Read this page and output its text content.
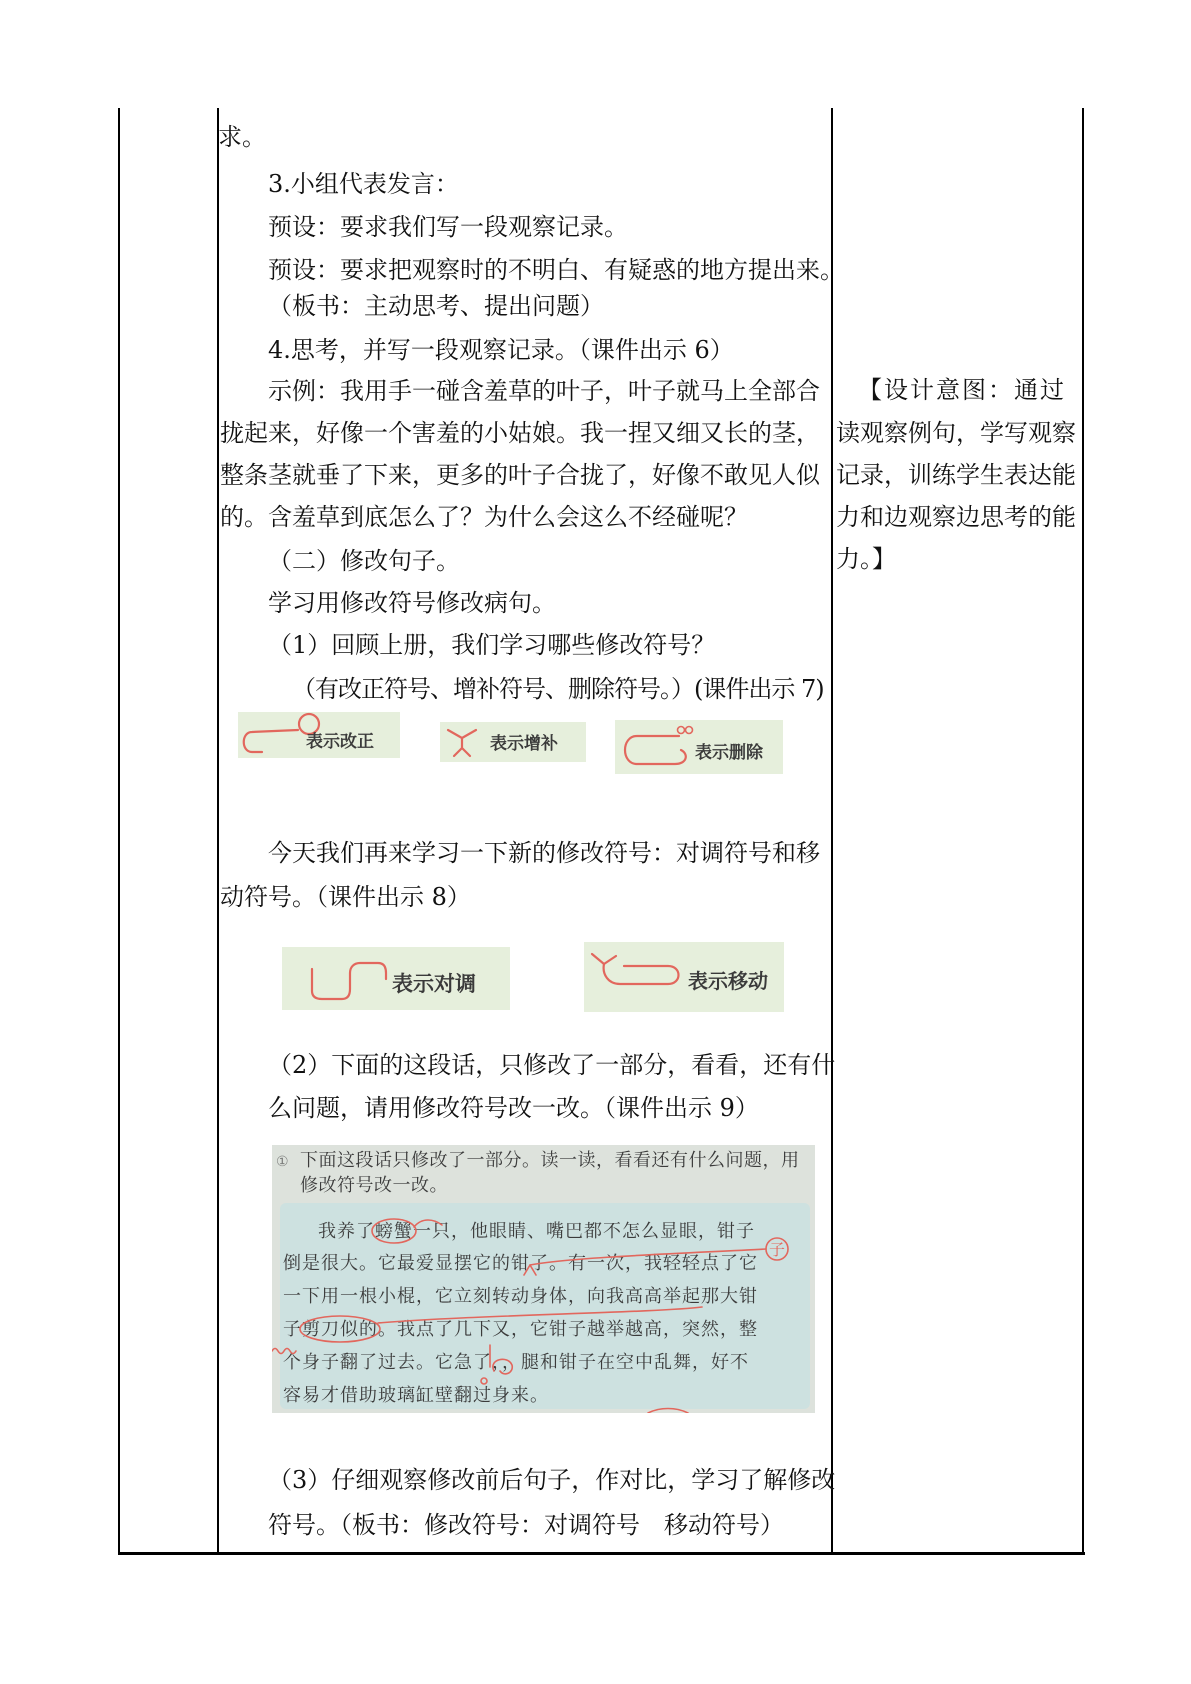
求。
3.小组代表发言：
预设：要求我们写一段观察记录。
预设：要求把观察时的不明白、有疑惑的地方提出来。
（板书：主动思考、提出问题）
4.思考，并写一段观察记录。（课件出示 6）
示例：我用手一碰含羞草的叶子，叶子就马上全部合
拢起来，好像一个害羞的小姑娘。我一捏又细又长的茎，
整条茎就垂了下来，更多的叶子合拢了，好像不敢见人似
的。含羞草到底怎么了？为什么会这么不经碰呢？
（二）修改句子。
学习用修改符号修改病句。
（1）回顾上册，我们学习哪些修改符号？
（有改正符号、增补符号、删除符号。）(课件出示 7)
表示改正	表示增补	表示删除
今天我们再来学习一下新的修改符号：对调符号和移
动符号。（课件出示 8）
表示对调	表示移动
（2）下面的这段话，只修改了一部分，看看，还有什
么问题，请用修改符号改一改。（课件出示 9）
① 下面这段话只修改了一部分。读一读，看看还有什么问题，用
修改符号改一改。
我养了螃蟹一只，他眼睛、嘴巴都不怎么显眼，钳子
倒是很大。它最爱显摆它的钳了。有一次，我轻轻点了它
一下用一根小棍，它立刻转动身体，向我高高举起那大钳
子剪刀似的。我点了几下又，它钳子越举越高，突然，整
个身子翻了过去。它急了，，腿和钳子在空中乱舞，好不
容易才借助玻璃缸壁翻过身来。
子
（3）仔细观察修改前后句子，作对比，学习了解修改
符号。（板书：修改符号：对调符号　移动符号）
【设计意图：通过
读观察例句，学写观察
记录，训练学生表达能
力和边观察边思考的能
力。】
